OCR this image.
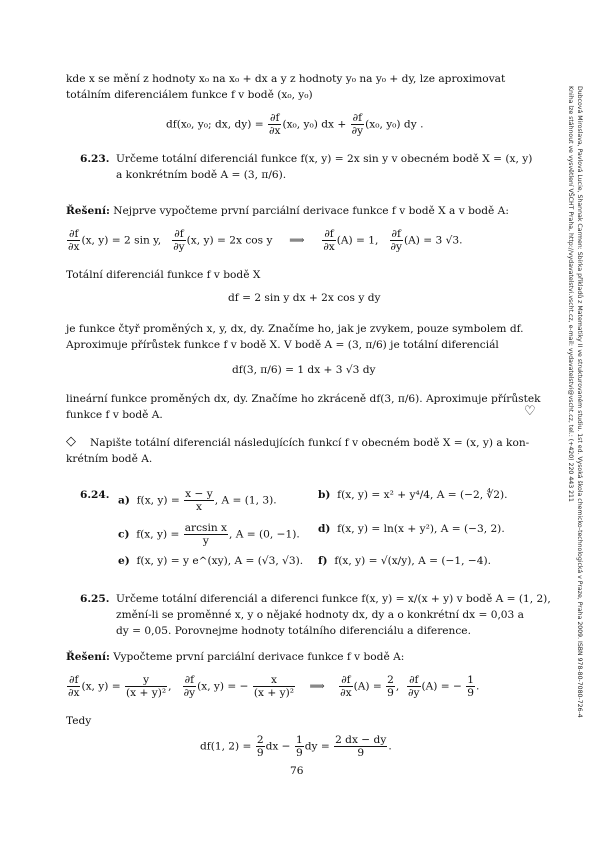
kde x se mění z hodnoty x₀ na x₀ + dx a y z hodnoty y₀ na y₀ + dy, lze aproximovat
totálním diferenciálem funkce f v bodě (x₀, y₀)
df(x₀, y₀; dx, $dy) = \frac{\partial f}{\partial x} (x_0$, y₀) dx + $\frac{\partial f}{\partial y} (x_0$, y₀) dy .
6.23. Určeme totální diferenciál funkce f(x, y) = 2x sin y v obecném bodě X = (x, y)
a konkrétním bodě A = (3, π/6).
Řešení: Nejprve vypočteme první parciální derivace funkce f v bodě X a v bodě A:
$\frac{\partial f}{\partial x} (x$, y) = 2 sin y, $\frac{\partial f}{\partial y} (x$, y) = 2x cos y ⟹ $\frac{\partial f}{\partial x} (A) = 1$, $\frac{\partial f}{\partial y} (A) = 3$ √3.
Totální diferenciál funkce f v bodě X
df = 2 sin y dx + 2x cos y dy
je funkce čtyř proměných x, y, dx, dy. Značíme ho, jak je zvykem, pouze symbolem df.
Aproximuje přírůstek funkce f v bodě X. V bodě A = (3, π/6) je totální diferenciál
df(3, π/6) = 1 dx + 3 √3 dy
lineární funkce proměných dx, dy. Značíme ho zkráceně df(3, π/6). Aproximuje přírůstek
funkce f v bodě A.	♡
◇ Napište totální diferenciál následujících funkcí f v obecném bodě X = (x, y) a kon-
krétním bodě A.
6.24. a) f(x, $y) = \frac{x - y}{x}$ , A = (1, 3).	b) f(x, y) = x² + y⁴/4, A = (−2, ∜2).
c) f(x, $y) = \frac{\text{arcsin x}}{y}$ , A = (0, −1). d) f(x, y) = ln(x + y²), A = (−3, 2).
e) f(x, y) = y e^(xy), A = (√3, √3). f) f(x, y) = √(x/y), A = (−1, −4).
6.25. Určeme totální diferenciál a diferenci funkce f(x, y) = x/(x + y) v bodě A = (1, 2),
změní-li se proměnné x, y o nějaké hodnoty dx, dy a o konkrétní dx = 0,03 a
dy = 0,05. Porovnejme hodnoty totálního diferenciálu a diference.
Řešení: Vypočteme první parciální derivace funkce f v bodě A:
$\frac{\partial f}{\partial x} (x$, $y) = \frac{y}{\text{(x + y)²}}$ , $\frac{\partial f}{\partial y} (x$, y) = − $\frac{x}{\text{(x + y)²}}$ ⟹ $\frac{\partial f}{\partial x} (A) = \frac{2}{9}$ , $\frac{\partial f}{\partial y} (A)$ = − $\frac{1}{9}$ .
Tedy
df(1, $2) = \frac{2}{9}$ dx − $\frac{1}{9}$ dy = $\frac{2 dx - dy}{9}$ .
76
Dubcová Miroslava, Pavlová Lucie, Shannak Carmen: Sbírka příkladů z Matematiky II ve strukturovaném studiu. 1st ed. Vysoká škola chemicko-technologická v Praze, Praha 2009. ISBN 978-80-7080-726-4
Kniha lze stáhnout ve vysvětlení VŠCHT Praha, http://vydavatelstvi.vscht.cz, e-mail: vydavatelstvi@vscht.cz, tel.: (+420) 220 443 211
